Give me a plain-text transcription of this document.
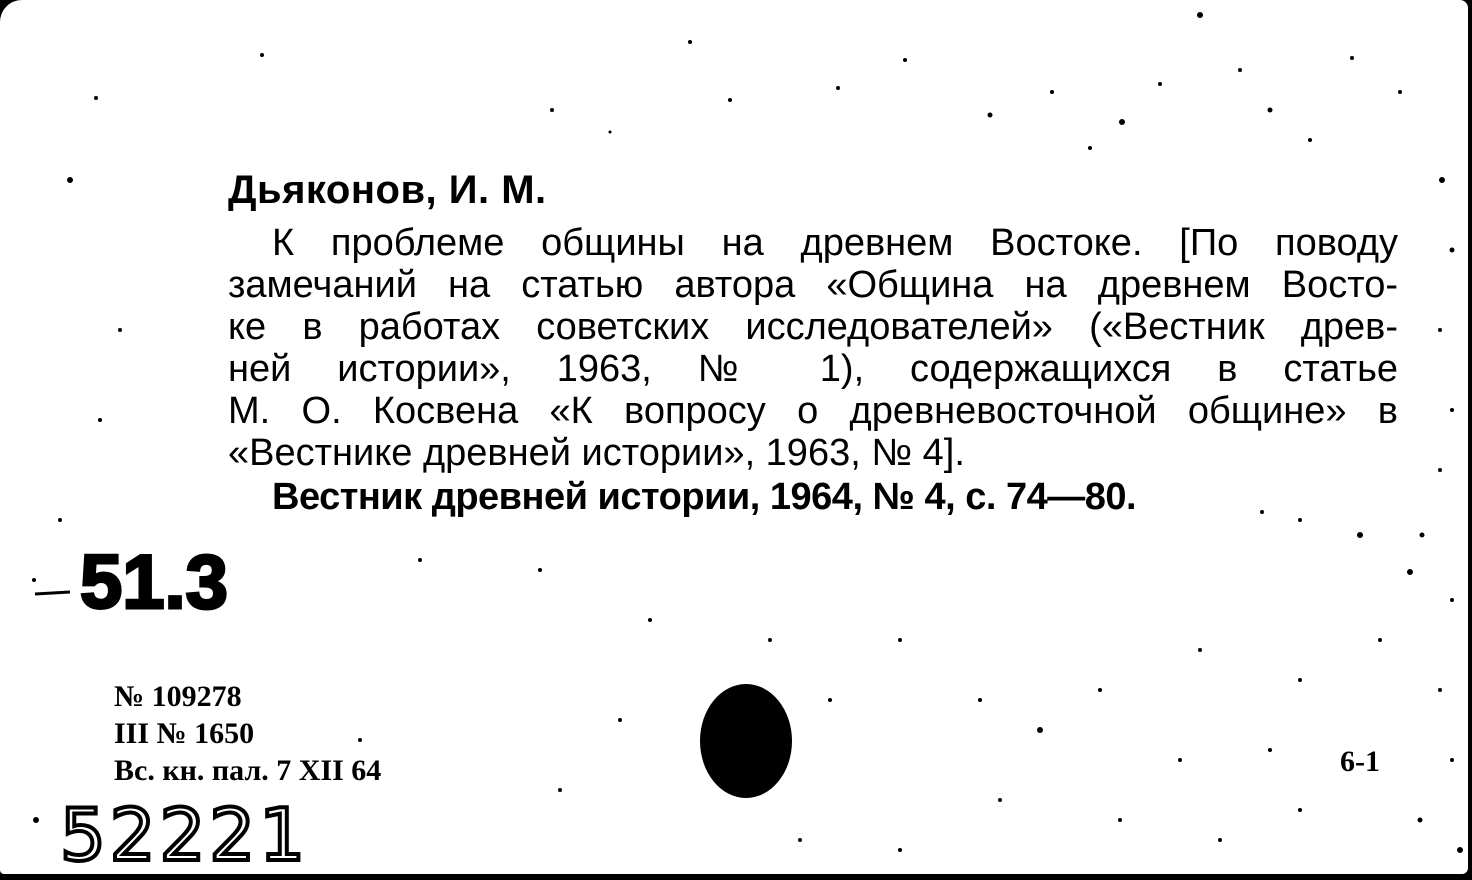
Дьяконов, И. М.
К проблеме общины на древнем Востоке. [По поводу
замечаний на статью автора «Община на древнем Восто-
ке в работах советских исследователей» («Вестник древ-
ней истории», 1963, № 1), содержащихся в статье
М. О. Косвена «К вопросу о древневосточной общине» в
«Вестнике древней истории», 1963, № 4].
Вестник древней истории, 1964, № 4, с. 74—80.
51.3
№ 109278
III № 1650
Вс. кн. пал. 7 XII 64	6-1
52221
